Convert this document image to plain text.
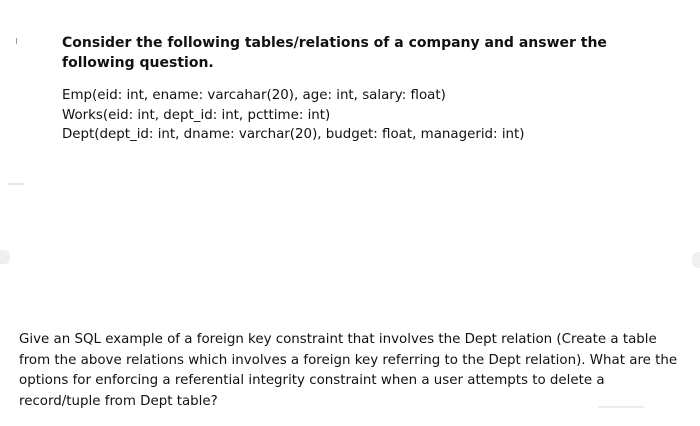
Consider the following tables/relations of a company and answer the following question.

Emp(eid: int, ename: varcahar(20), age: int, salary: float)
Works(eid: int, dept_id: int, pcttime: int)
Dept(dept_id: int, dname: varchar(20), budget: float, managerid: int)

Give an SQL example of a foreign key constraint that involves the Dept relation (Create a table from the above relations which involves a foreign key referring to the Dept relation). What are the options for enforcing a referential integrity constraint when a user attempts to delete a record/tuple from Dept table?
